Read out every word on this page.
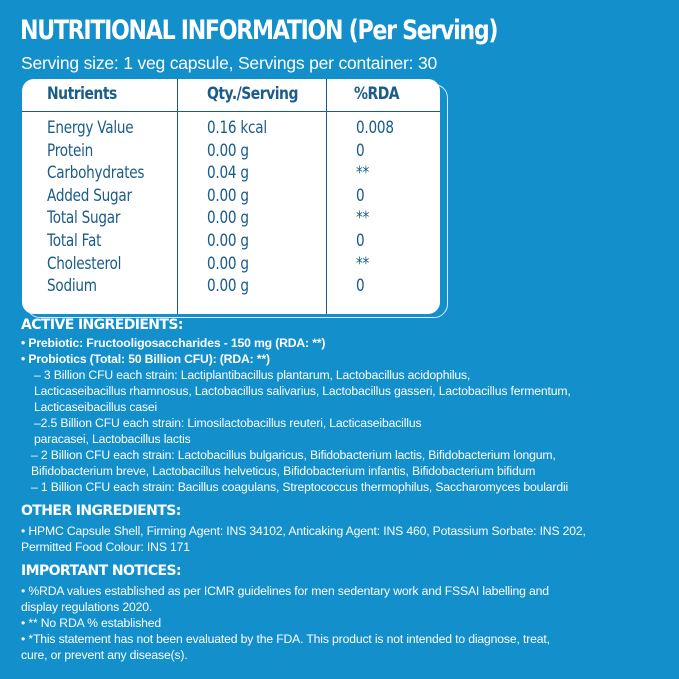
NUTRITIONAL INFORMATION (Per Serving)
Serving size: 1 veg capsule, Servings per container: 30
Nutrients	Qty./Serving	%RDA
Energy Value	0.16 kcal	0.008
Protein	0.00 g	0
Carbohydrates	0.04 g	**
Added Sugar	0.00 g	0
Total Sugar	0.00 g	**
Total Fat	0.00 g	0
Cholesterol	0.00 g	**
Sodium	0.00 g	0
ACTIVE INGREDIENTS:
• Prebiotic: Fructooligosaccharides - 150 mg (RDA: **)
• Probiotics (Total: 50 Billion CFU): (RDA: **)
– 3 Billion CFU each strain: Lactiplantibacillus plantarum, Lactobacillus acidophilus,
Lacticaseibacillus rhamnosus, Lactobacillus salivarius, Lactobacillus gasseri, Lactobacillus fermentum,
Lacticaseibacillus casei
–2.5 Billion CFU each strain: Limosilactobacillus reuteri, Lacticaseibacillus
paracasei, Lactobacillus lactis
– 2 Billion CFU each strain: Lactobacillus bulgaricus, Bifidobacterium lactis, Bifidobacterium longum,
Bifidobacterium breve, Lactobacillus helveticus, Bifidobacterium infantis, Bifidobacterium bifidum
– 1 Billion CFU each strain: Bacillus coagulans, Streptococcus thermophilus, Saccharomyces boulardii
OTHER INGREDIENTS:
• HPMC Capsule Shell, Firming Agent: INS 34102, Anticaking Agent: INS 460, Potassium Sorbate: INS 202,
Permitted Food Colour: INS 171
IMPORTANT NOTICES:
• %RDA values established as per ICMR guidelines for men sedentary work and FSSAI labelling and
display regulations 2020.
• ** No RDA % established
• *This statement has not been evaluated by the FDA. This product is not intended to diagnose, treat,
cure, or prevent any disease(s).
